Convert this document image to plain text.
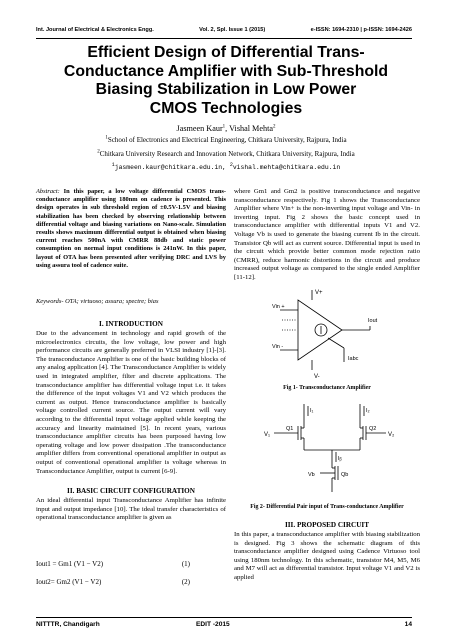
Int. Journal of Electrical & Electronics Engg.	Vol. 2, Spl. Issue 1 (2015)	e-ISSN: 1694-2310 | p-ISSN: 1694-2426
Efficient Design of Differential Trans-
Conductance Amplifier with Sub-Threshold
Biasing Stabilization in Low Power
CMOS Technologies
Jasmeen Kaur$^1$, Vishal Mehta$^2$
$^1$School of Electronics and Electrical Engineering, Chitkara University, Rajpura, India
$^2$Chitkara University Research and Innovation Network, Chitkara University, Rajpura, India
$^1$jasmeen.kaur@chitkara.edu.in, $^2$vishal.mehta@chitkara.edu.in
Abstract: In this paper, a low voltage differential CMOS trans-conductance amplifier using 180nm on cadence is presented. This design operates in sub threshold region of ±0.5V-1.5V and biasing stabilization has been checked by observing relationship between differential voltage and biasing variations on Nano-scale. Simulation results shows maximum differential output is obtained when biasing current reaches 500nA with CMRR 88db and static power consumption on normal input conditions is 241nW. In this paper, layout of OTA has been presented after verifying DRC and LVS by using assura tool of cadence suite.
Keywords- OTA; virtuoso; assura; spectre; bias
I. INTRODUCTION
Due to the advancement in technology and rapid growth of the microelectronics circuits, the low voltage, low power and high performance circuits are generally preferred in VLSI industry [1]-[3]. The transconductance Amplifier is one of the basic building blocks of any analog application [4]. The Transconductance Amplifier is widely used in integrated amplifier, filter and discrete applications. The transconductance amplifier has differential voltage input i.e. it takes the difference of the input voltages V1 and V2 which produces the current as output. Hence transconductance amplifier is basically voltage controlled current source. The output current will vary according to the differential input voltage applied while keeping the accuracy and linearity maintained [5]. In recent years, various transconductance amplifier circuits has been purposed having low operating voltage and low power dissipation .The transconductance amplifier differs from conventional operational amplifier in output as output of conventional operational amplifier is voltage whereas in Transconductance Amplifier, output is current [6-9].
II. BASIC CIRCUIT CONFIGURATION
An ideal differential input Transconductance Amplifier has infinite input and output impedance [10]. The ideal transfer characteristics of operational transconductance amplifier is given as
Iout1 = Gm1 (V1 − V2)	(1)
Iout2= Gm2 (V1 − V2)	(2)
where Gm1 and Gm2 is positive transconductance and negative transconductance respectively. Fig 1 shows the Transconductance Amplifier where Vin+ is the non-inverting input voltage and Vin- in inverting input. Fig 2 shows the basic concept used in transconductance amplifier with differential inputs V1 and V2. Voltage Vb is used to generate the biasing current Ib in the circuit. Transistor Qb will act as current source. Differential input is used in the circuit which provide better common mode rejection ratio (CMRR), reduce harmonic distortions in the circuit and produce increased output voltage as compared to the single ended Amplifier [11-12].
V+
Vin +
Vin -
V-
Iout
Iabc
Fig 1- Transconductance Amplifier
V₁
Q1	Q2
V₂
I₁	I₂
Iᵦ
Vb	Qb
Fig 2- Differential Pair input of Trans-conductance Amplifier
III. PROPOSED CIRCUIT
In this paper, a transconductance amplifier with biasing stabilization is designed. Fig 3 shows the schematic diagram of this transconductance amplifier designed using Cadence Virtuoso tool using 180nm technology. In this schematic, transistor M4, M5, M6 and M7 will act as differential transistor. Input voltage V1 and V2 is applied
NITTTR, Chandigarh	EDIT -2015	14
